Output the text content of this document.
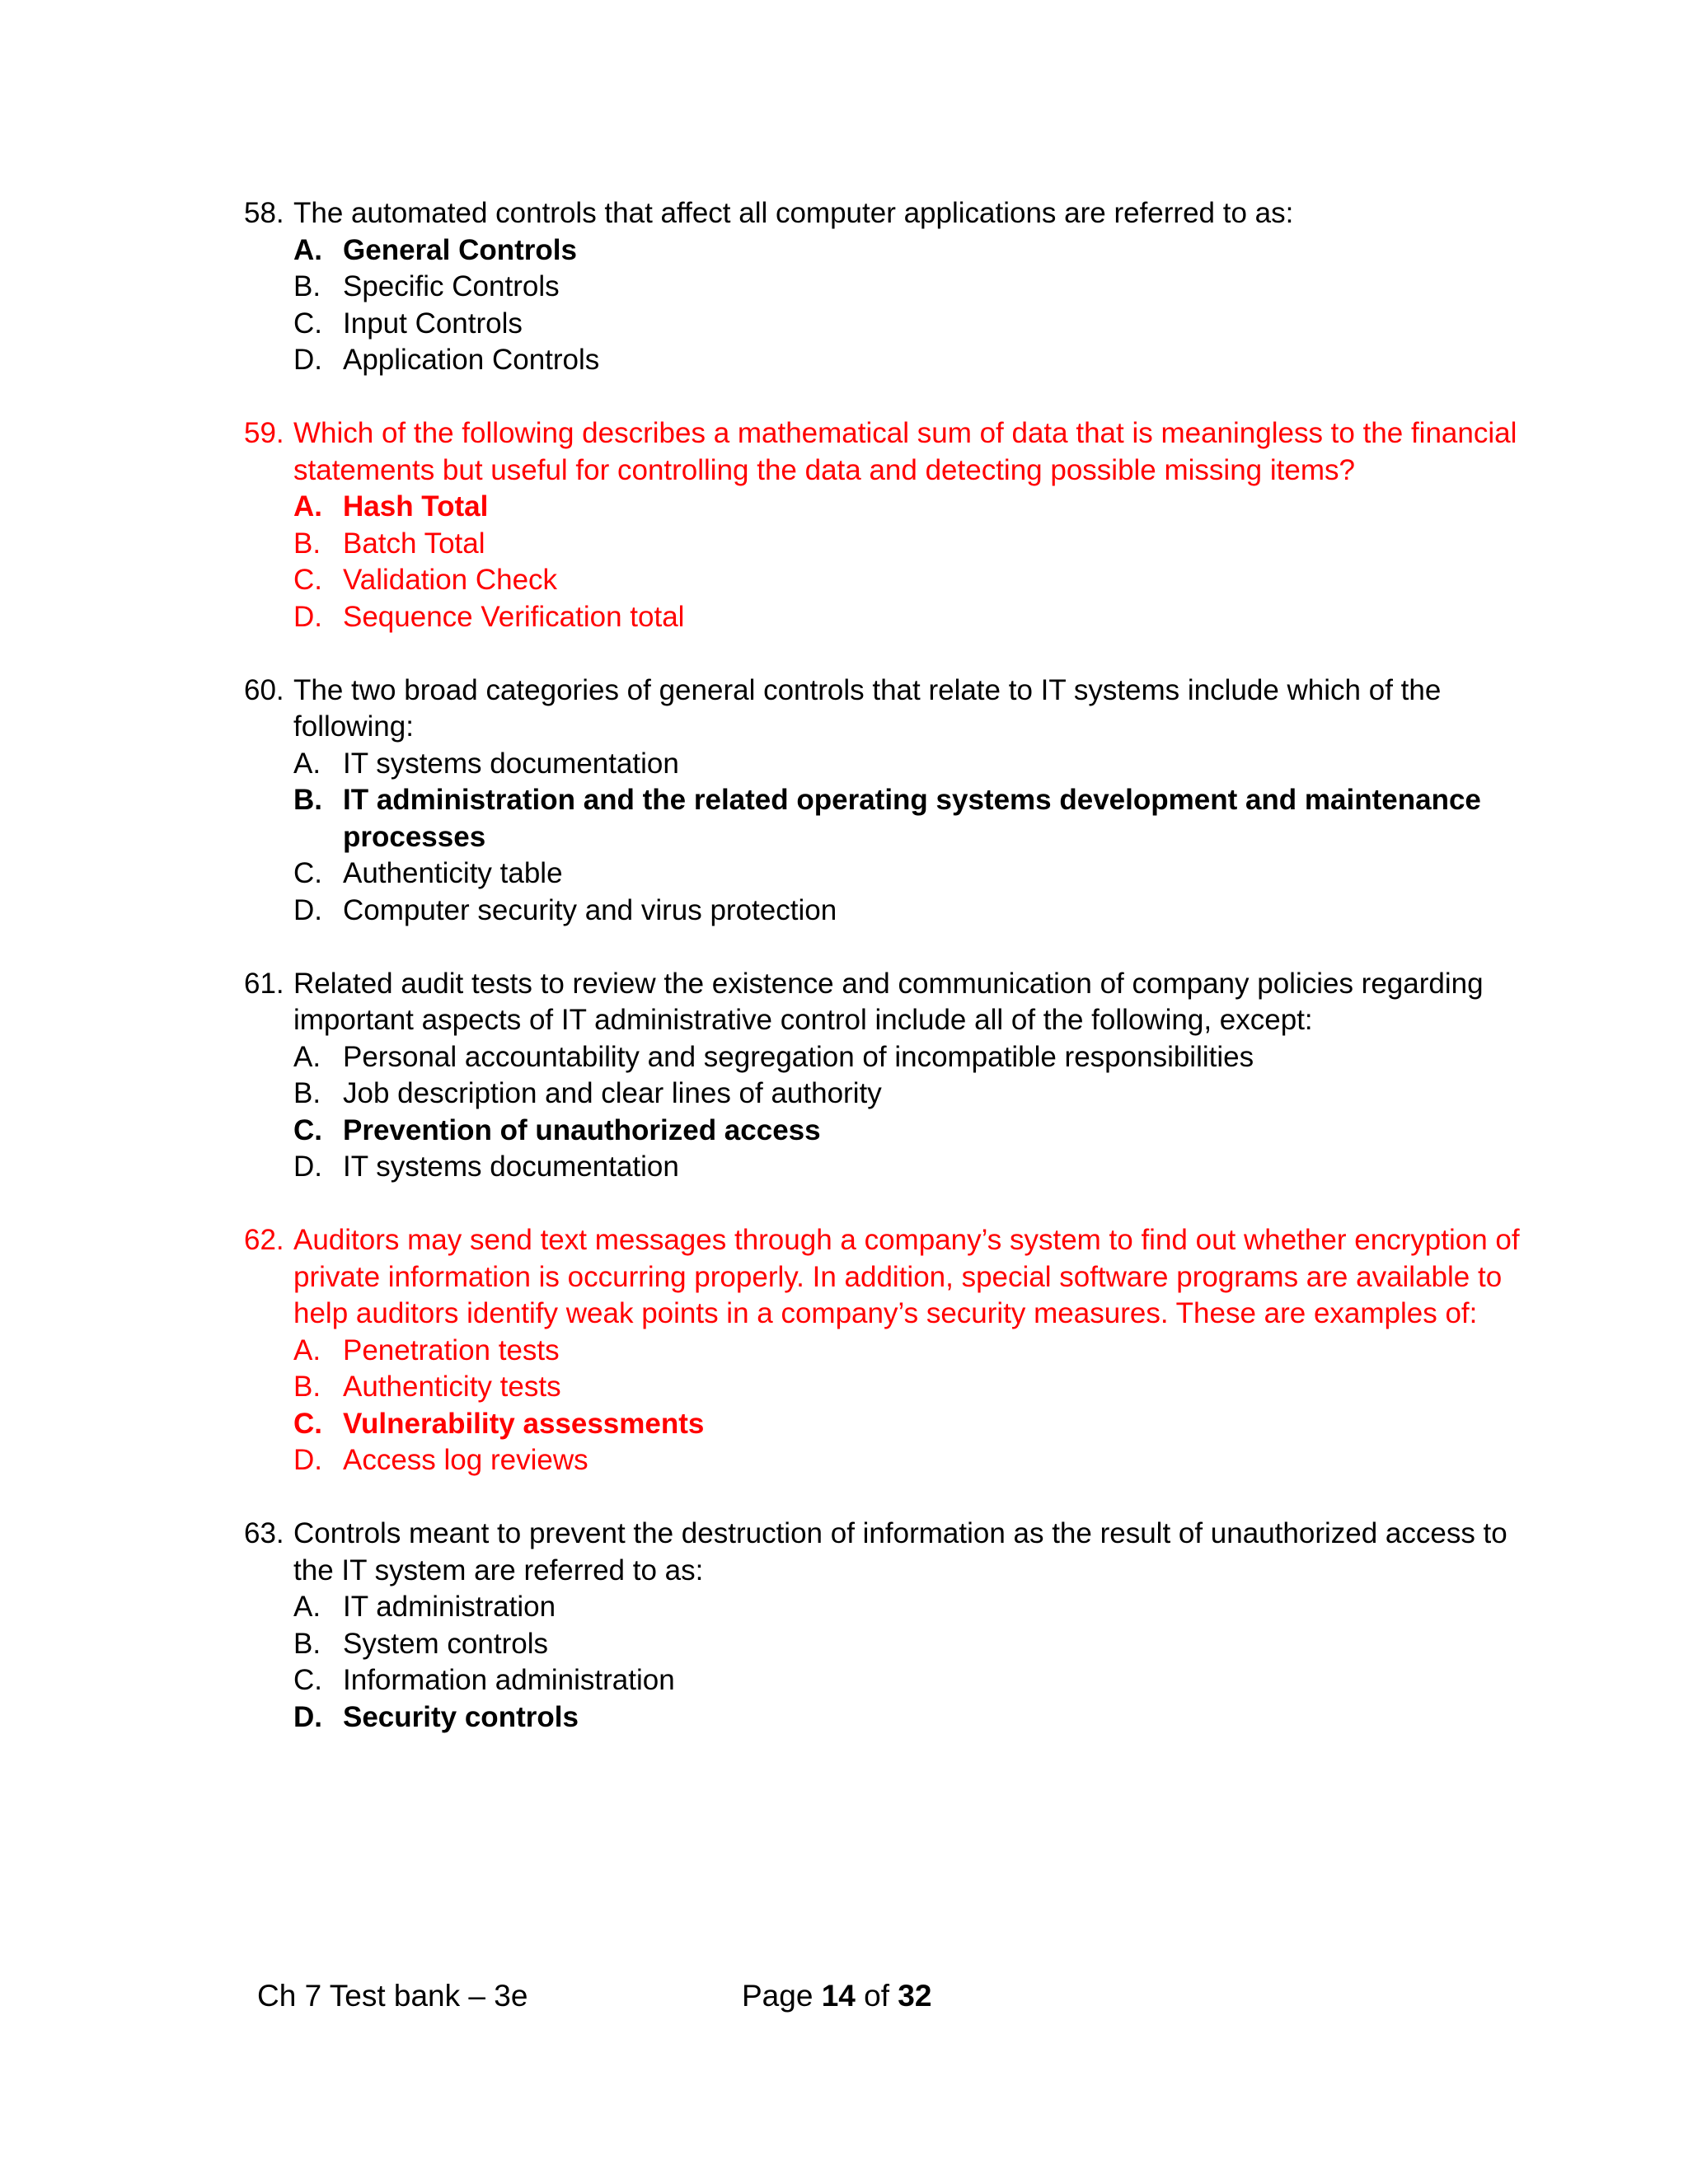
58. The automated controls that affect all computer applications are referred to as:
A. General Controls
B. Specific Controls
C. Input Controls
D. Application Controls
59. Which of the following describes a mathematical sum of data that is meaningless to the financial statements but useful for controlling the data and detecting possible missing items?
A. Hash Total
B. Batch Total
C. Validation Check
D. Sequence Verification total
60. The two broad categories of general controls that relate to IT systems include which of the following:
A. IT systems documentation
B. IT administration and the related operating systems development and maintenance processes
C. Authenticity table
D. Computer security and virus protection
61. Related audit tests to review the existence and communication of company policies regarding important aspects of IT administrative control include all of the following, except:
A. Personal accountability and segregation of incompatible responsibilities
B. Job description and clear lines of authority
C. Prevention of unauthorized access
D. IT systems documentation
62. Auditors may send text messages through a company’s system to find out whether encryption of private information is occurring properly. In addition, special software programs are available to help auditors identify weak points in a company’s security measures. These are examples of:
A. Penetration tests
B. Authenticity tests
C. Vulnerability assessments
D. Access log reviews
63. Controls meant to prevent the destruction of information as the result of unauthorized access to the IT system are referred to as:
A. IT administration
B. System controls
C. Information administration
D. Security controls
Ch 7 Test bank – 3e	Page 14 of 32
